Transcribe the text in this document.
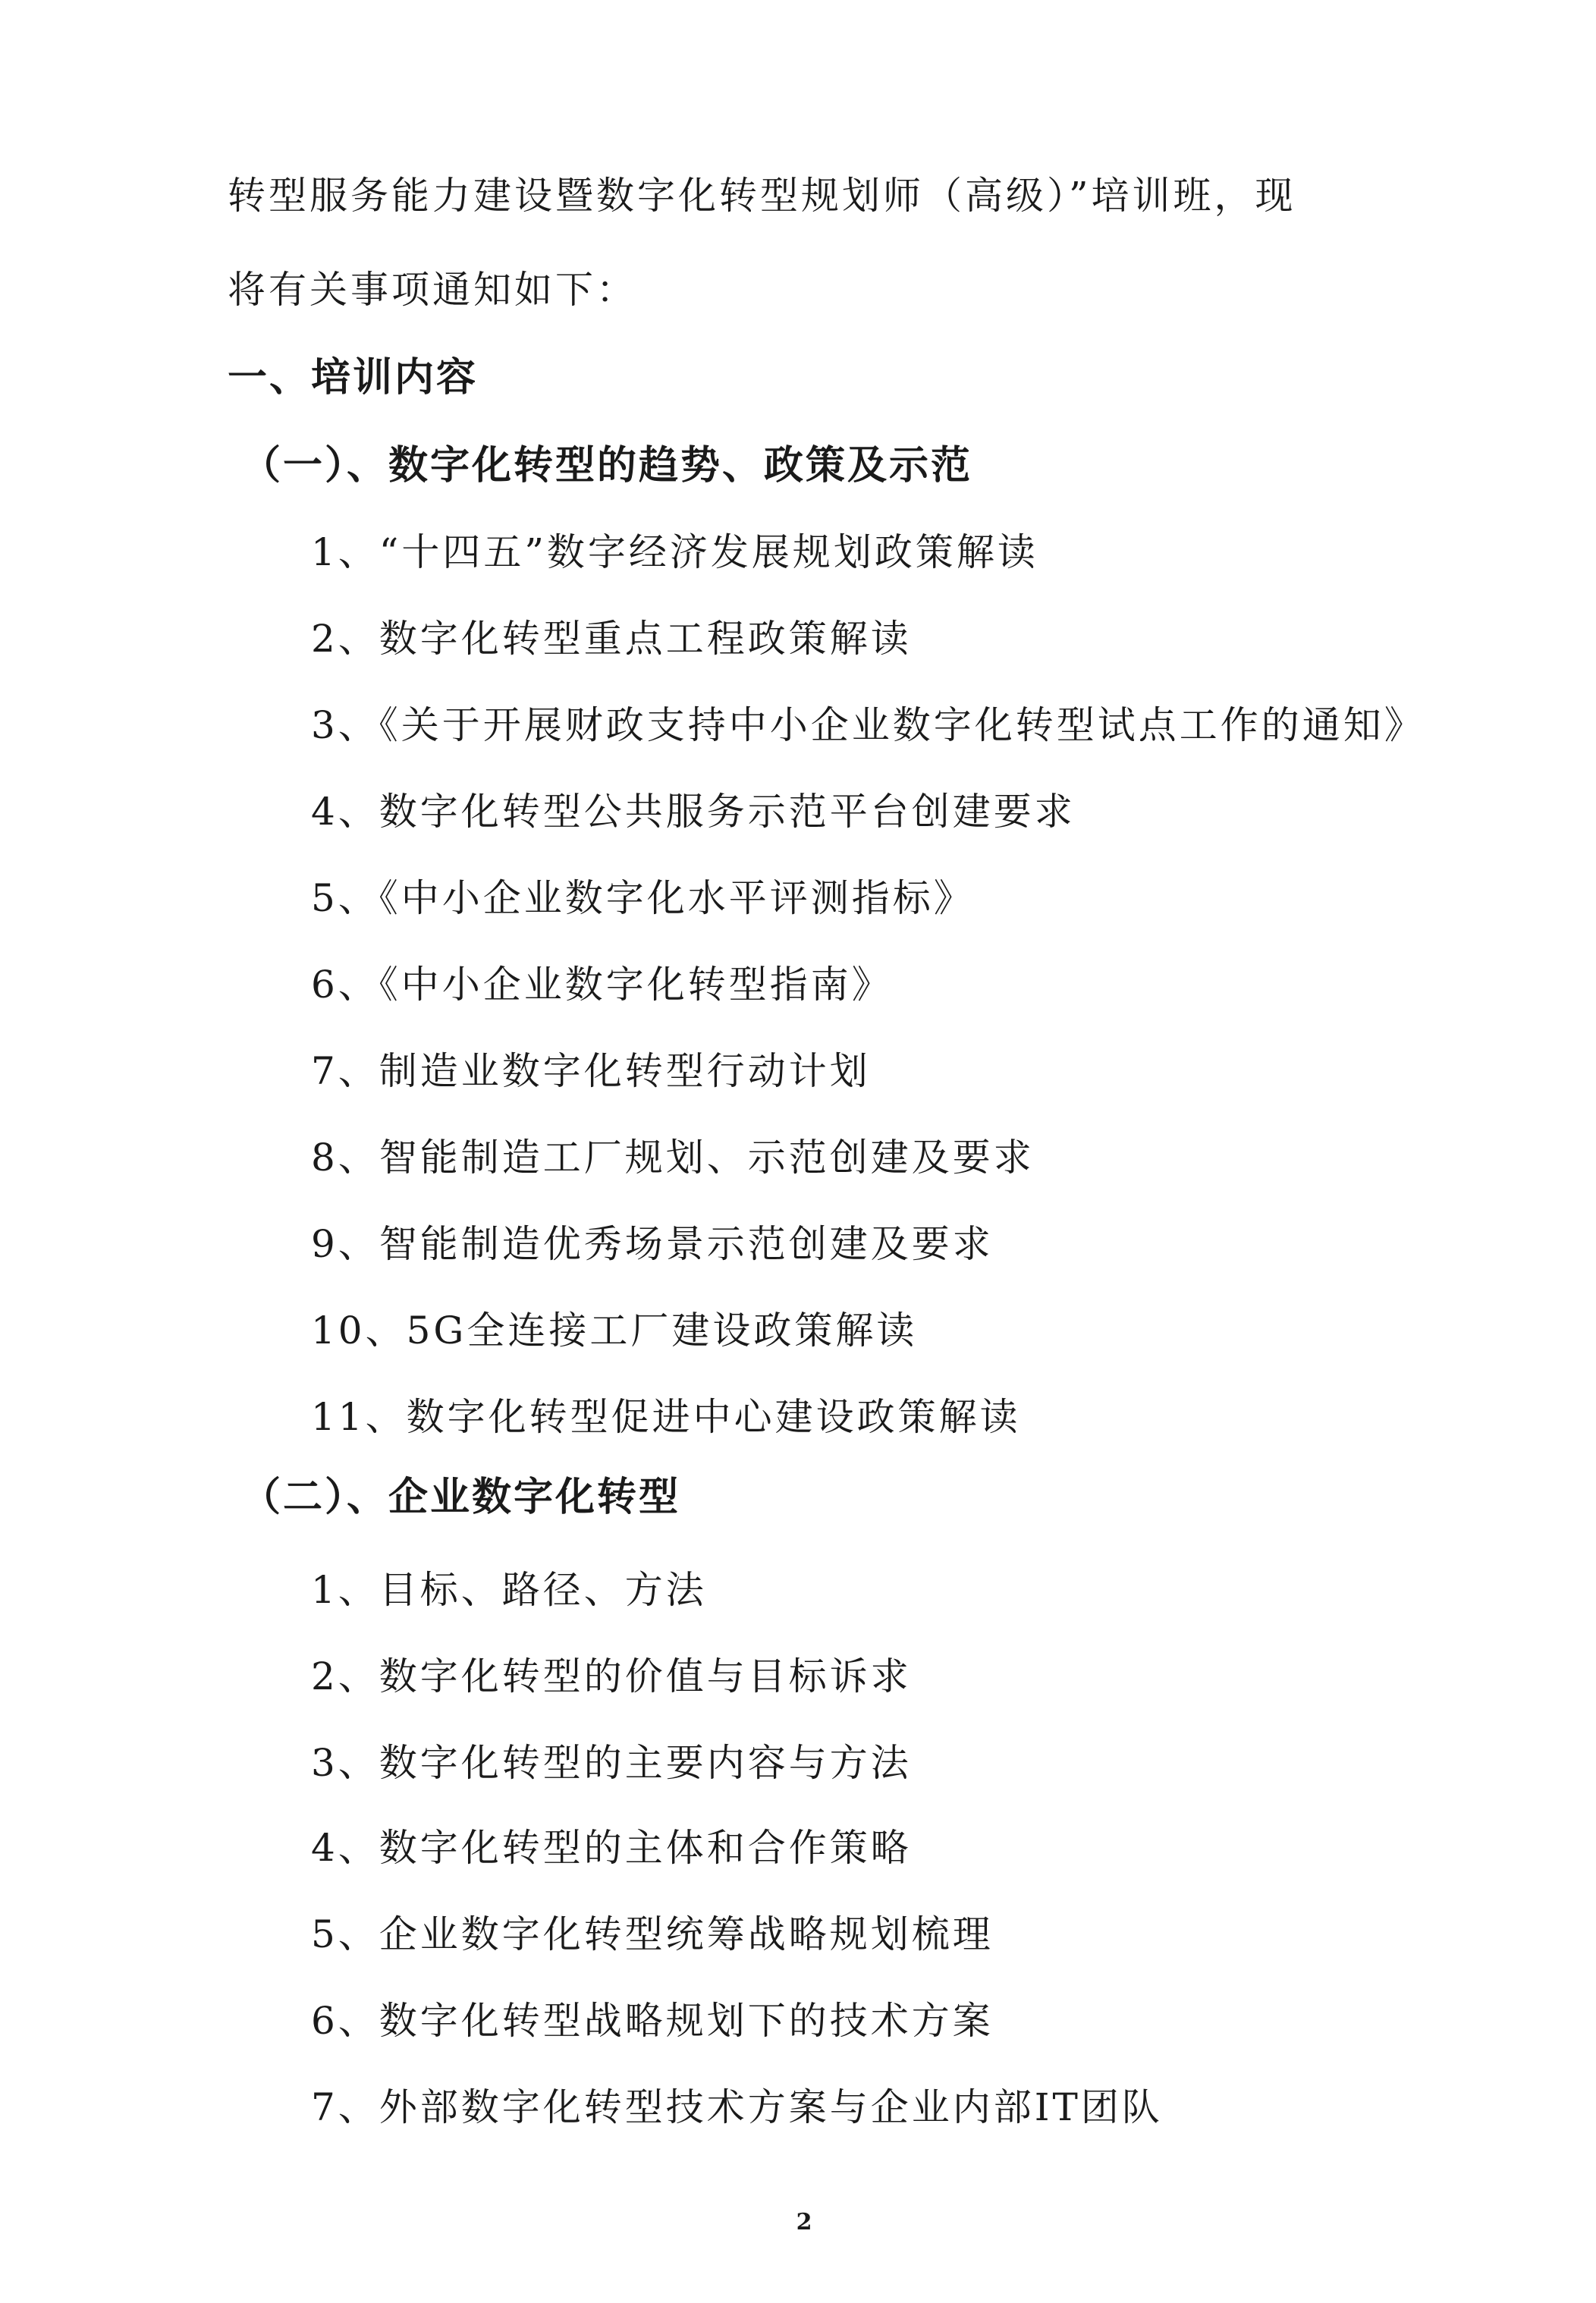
转型服务能力建设暨数字化转型规划师（高级）”培训班，现
将有关事项通知如下：
一、培训内容
（一）、数字化转型的趋势、政策及示范
1、“十四五”数字经济发展规划政策解读
2、数字化转型重点工程政策解读
3、《关于开展财政支持中小企业数字化转型试点工作的通知》
4、数字化转型公共服务示范平台创建要求
5、《中小企业数字化水平评测指标》
6、《中小企业数字化转型指南》
7、制造业数字化转型行动计划
8、智能制造工厂规划、示范创建及要求
9、智能制造优秀场景示范创建及要求
10、5G全连接工厂建设政策解读
11、数字化转型促进中心建设政策解读
（二）、企业数字化转型
1、目标、路径、方法
2、数字化转型的价值与目标诉求
3、数字化转型的主要内容与方法
4、数字化转型的主体和合作策略
5、企业数字化转型统筹战略规划梳理
6、数字化转型战略规划下的技术方案
7、外部数字化转型技术方案与企业内部IT团队
2
